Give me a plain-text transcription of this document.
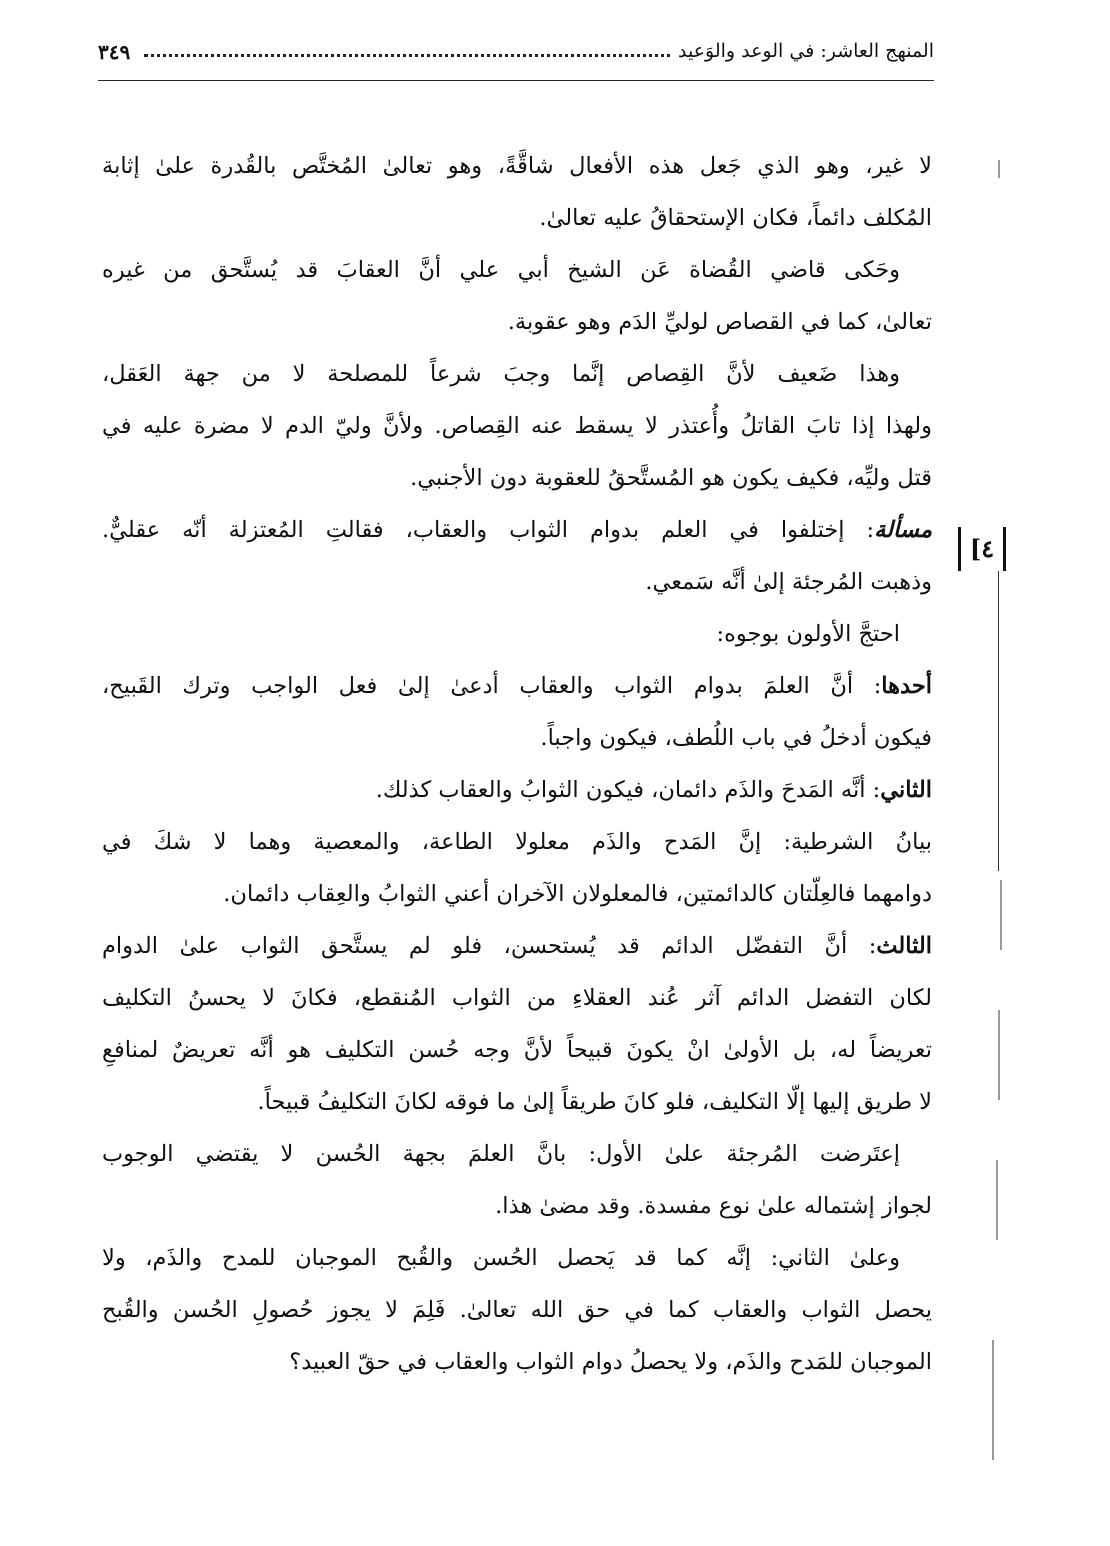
المنهج العاشر: في الوعد والوَعيد
٣٤٩
[٤
لا غير، وهو الذي جَعل هذه الأفعال شاقَّةً، وهو تعالىٰ المُختَّص بالقُدرة علىٰ إثابة
المُكلف دائماً، فكان الإستحقاقُ عليه تعالىٰ.
وحَكى قاضي القُضاة عَن الشيخ أبي علي أنَّ العقابَ قد يُستَّحق من غيره
تعالىٰ، كما في القصاص لوليِّ الدَم وهو عقوبة.
وهذا ضَعيف لأنَّ القِصاص إنَّما وجبَ شرعاً للمصلحة لا من جهة العَقل،
ولهذا إذا تابَ القاتلُ وأُعتذر لا يسقط عنه القِصاص. ولأنَّ وليّ الدم لا مضرة عليه في
قتل وليِّه، فكيف يكون هو المُستَّحقُ للعقوبة دون الأجنبي.
مسألة: إختلفوا في العلم بدوام الثواب والعقاب، فقالتِ المُعتزلة أنّه عقليٌّ.
وذهبت المُرجئة إلىٰ أنَّه سَمعي.
احتجَّ الأولون بوجوه:
أحدها: أنَّ العلمَ بدوام الثواب والعقاب أدعىٰ إلىٰ فعل الواجب وترك القَبيح،
فيكون أدخلُ في باب اللُطف، فيكون واجباً.
الثاني: أنَّه المَدحَ والذَم دائمان، فيكون الثوابُ والعقاب كذلك.
بيانُ الشرطية: إنَّ المَدح والذَم معلولا الطاعة، والمعصية وهما لا شكَ في
دوامهما فالعِلّتان كالدائمتين، فالمعلولان الآخران أعني الثوابُ والعِقاب دائمان.
الثالث: أنَّ التفضّل الدائم قد يُستحسن، فلو لم يستَّحق الثواب علىٰ الدوام
لكان التفضل الدائم آثر عُند العقلاءِ من الثواب المُنقطع، فكانَ لا يحسنُ التكليف
تعريضاً له، بل الأولىٰ انْ يكونَ قبيحاً لأنَّ وجه حُسن التكليف هو أنَّه تعريضٌ لمنافعِ
لا طريق إليها إلّا التكليف، فلو كانَ طريقاً إلىٰ ما فوقه لكانَ التكليفُ قبيحاً.
إعتَرضت المُرجئة علىٰ الأول: بانَّ العلمَ بجهة الحُسن لا يقتضي الوجوب
لجواز إشتماله علىٰ نوع مفسدة. وقد مضىٰ هذا.
وعلىٰ الثاني: إنَّه كما قد يَحصل الحُسن والقُبح الموجبان للمدح والذَم، ولا
يحصل الثواب والعقاب كما في حق الله تعالىٰ. فَلِمَ لا يجوز حُصولِ الحُسن والقُبح
الموجبان للمَدح والذَم، ولا يحصلُ دوام الثواب والعقاب في حقّ العبيد؟
